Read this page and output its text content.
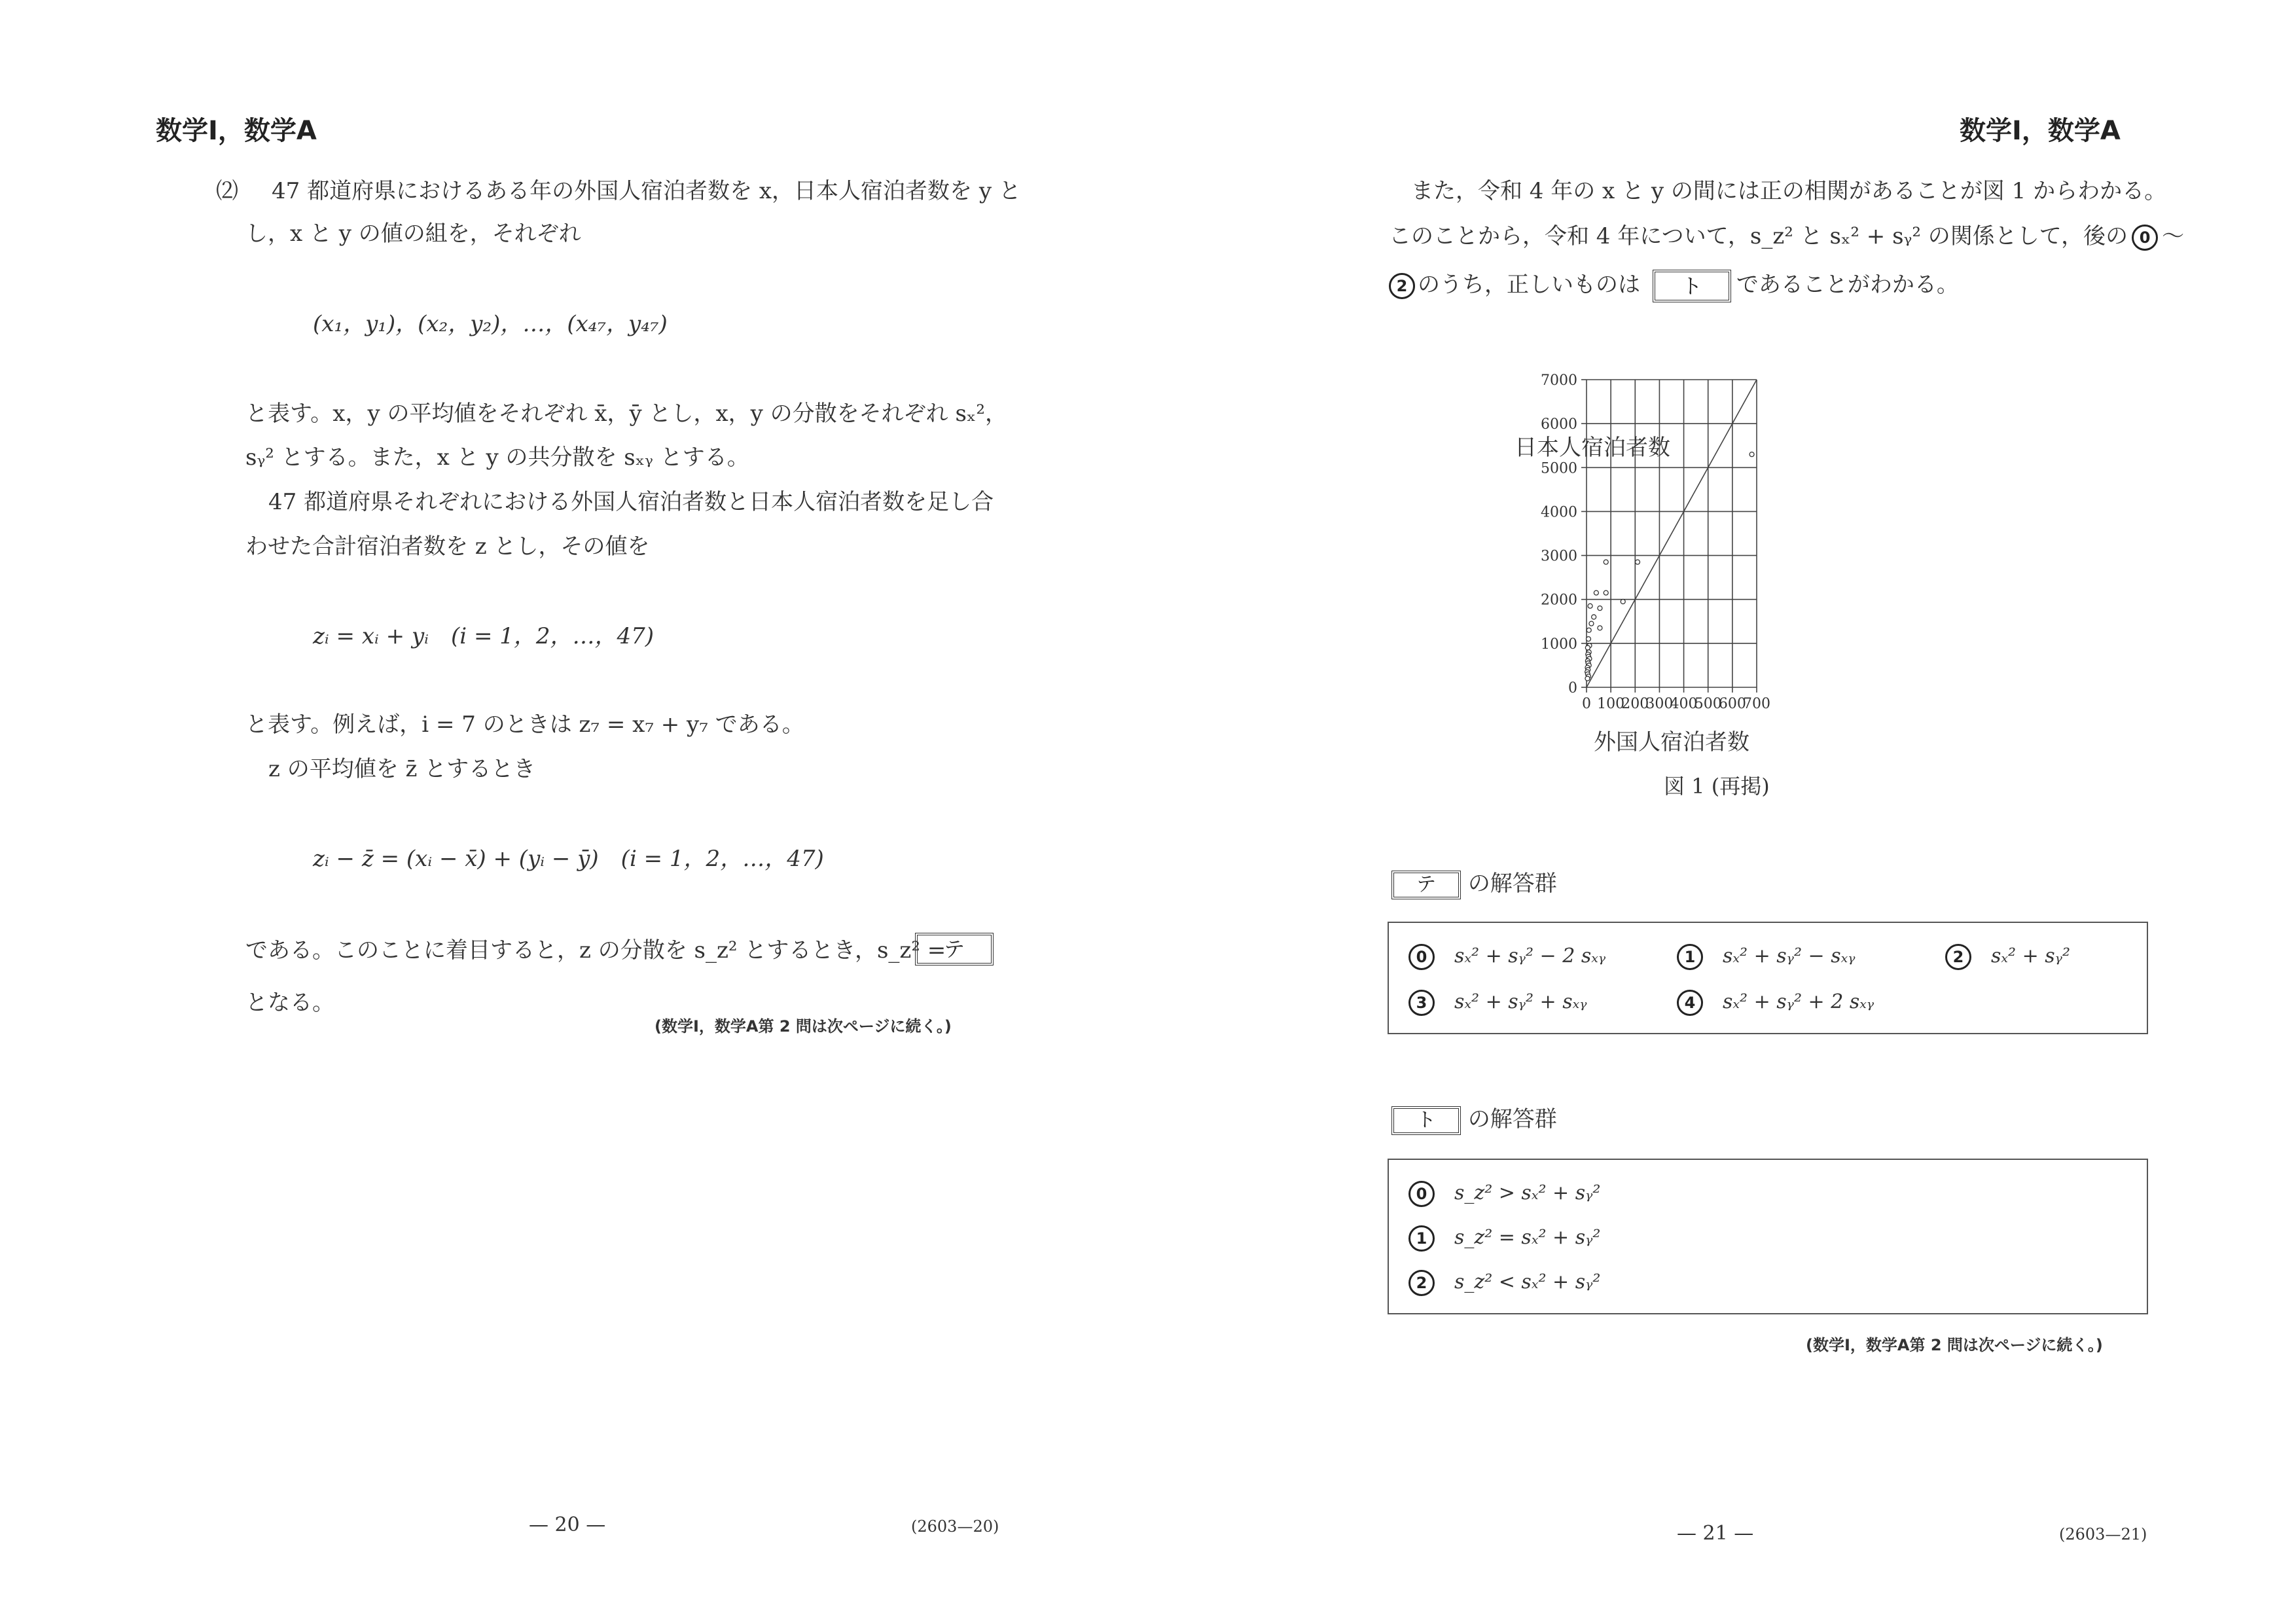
数学Ⅰ，数学A
⑵ 47 都道府県におけるある年の外国人宿泊者数を x，日本人宿泊者数を y と
し，x と y の値の組を，それぞれ
(x₁，y₁)，(x₂，y₂)，…，(x₄₇，y₄₇)
と表す。x，y の平均値をそれぞれ x̄，ȳ とし，x，y の分散をそれぞれ sₓ²，
sᵧ² とする。また，x と y の共分散を sₓᵧ とする。
47 都道府県それぞれにおける外国人宿泊者数と日本人宿泊者数を足し合
わせた合計宿泊者数を z とし，その値を
zᵢ = xᵢ + yᵢ　(i = 1，2，…，47)
と表す。例えば，i = 7 のときは z₇ = x₇ + y₇ である。
z の平均値を z̄ とするとき
zᵢ − z̄ = (xᵢ − x̄) + (yᵢ − ȳ)　(i = 1，2，…，47)
である。このことに着目すると，z の分散を s_z² とするとき，s_z² =
テ
となる。
(数学Ⅰ，数学A第 2 問は次ページに続く。)
— 20 —	(2603—20)
数学Ⅰ，数学A
また，令和 4 年の x と y の間には正の相関があることが図 1 からわかる。
このことから，令和 4 年について，s_z² と sₓ² + sᵧ² の関係として，後の 0 ～
2 のうち，正しいものは ト であることがわかる。
0 100
200
300
400
500
600
700
0
1000
2000
3000
4000
5000
6000
7000
日本人宿泊者数
外国人宿泊者数
図 1 (再掲)
テ の解答群
0 sₓ² + sᵧ² − 2 sₓᵧ	1 sₓ² + sᵧ² − sₓᵧ	2 sₓ² + sᵧ²
3 sₓ² + sᵧ² + sₓᵧ	4 sₓ² + sᵧ² + 2 sₓᵧ
ト の解答群
0 s_z² > sₓ² + sᵧ²
1 s_z² = sₓ² + sᵧ²
2 s_z² < sₓ² + sᵧ²
(数学Ⅰ，数学A第 2 問は次ページに続く。)
— 21 —	(2603—21)
